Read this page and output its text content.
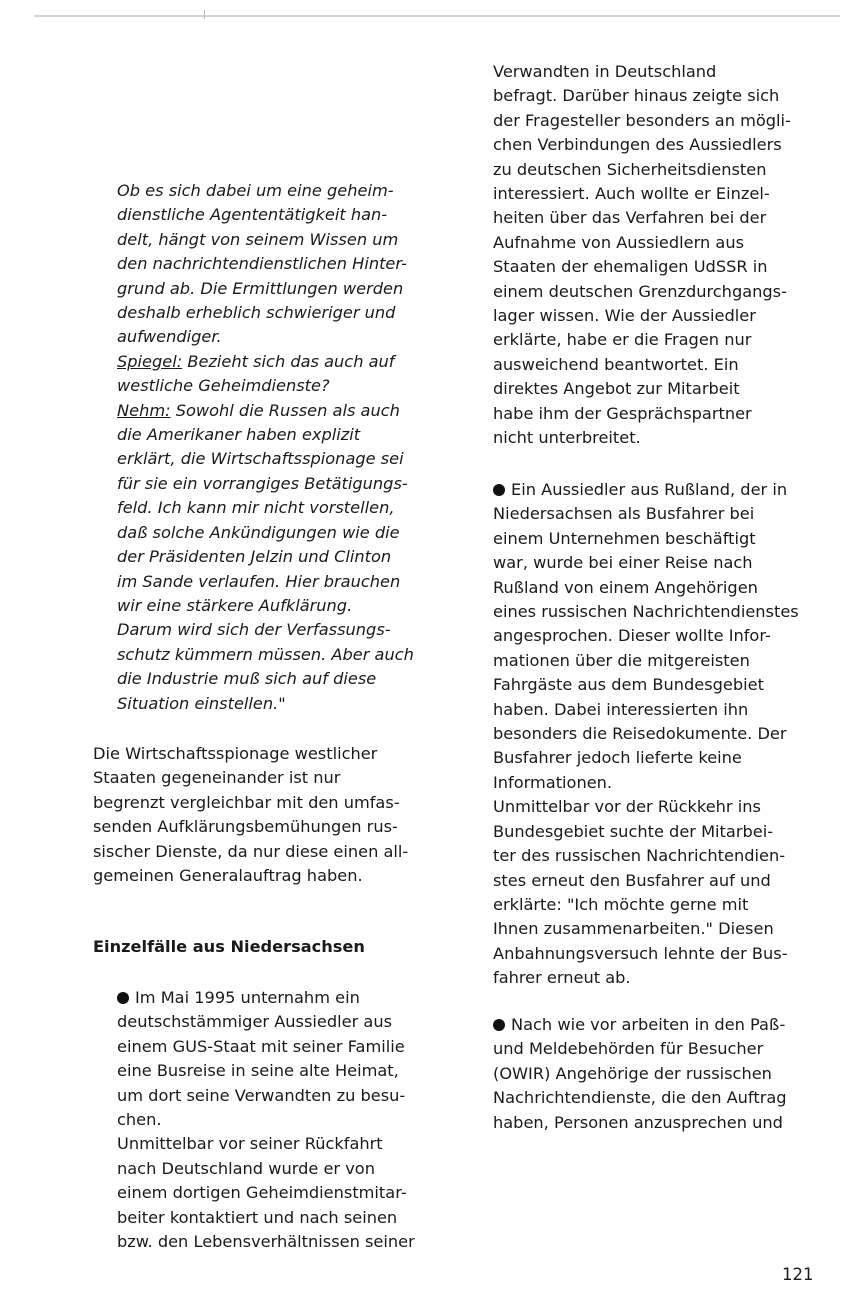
Ob es sich dabei um eine geheim-
dienstliche Agententätigkeit han-
delt, hängt von seinem Wissen um
den nachrichtendienstlichen Hinter-
grund ab. Die Ermittlungen werden
deshalb erheblich schwieriger und
aufwendiger.
Spiegel: Bezieht sich das auch auf
westliche Geheimdienste?
Nehm: Sowohl die Russen als auch
die Amerikaner haben explizit
erklärt, die Wirtschaftsspionage sei
für sie ein vorrangiges Betätigungs-
feld. Ich kann mir nicht vorstellen,
daß solche Ankündigungen wie die
der Präsidenten Jelzin und Clinton
im Sande verlaufen. Hier brauchen
wir eine stärkere Aufklärung.
Darum wird sich der Verfassungs-
schutz kümmern müssen. Aber auch
die Industrie muß sich auf diese
Situation einstellen."
Die Wirtschaftsspionage westlicher
Staaten gegeneinander ist nur
begrenzt vergleichbar mit den umfas-
senden Aufklärungsbemühungen rus-
sischer Dienste, da nur diese einen all-
gemeinen Generalauftrag haben.
Einzelfälle aus Niedersachsen
Im Mai 1995 unternahm ein
deutschstämmiger Aussiedler aus
einem GUS-Staat mit seiner Familie
eine Busreise in seine alte Heimat,
um dort seine Verwandten zu besu-
chen.
Unmittelbar vor seiner Rückfahrt
nach Deutschland wurde er von
einem dortigen Geheimdienstmitar-
beiter kontaktiert und nach seinen
bzw. den Lebensverhältnissen seiner
Verwandten in Deutschland
befragt. Darüber hinaus zeigte sich
der Fragesteller besonders an mögli-
chen Verbindungen des Aussiedlers
zu deutschen Sicherheitsdiensten
interessiert. Auch wollte er Einzel-
heiten über das Verfahren bei der
Aufnahme von Aussiedlern aus
Staaten der ehemaligen UdSSR in
einem deutschen Grenzdurchgangs-
lager wissen. Wie der Aussiedler
erklärte, habe er die Fragen nur
ausweichend beantwortet. Ein
direktes Angebot zur Mitarbeit
habe ihm der Gesprächspartner
nicht unterbreitet.
Ein Aussiedler aus Rußland, der in
Niedersachsen als Busfahrer bei
einem Unternehmen beschäftigt
war, wurde bei einer Reise nach
Rußland von einem Angehörigen
eines russischen Nachrichtendienstes
angesprochen. Dieser wollte Infor-
mationen über die mitgereisten
Fahrgäste aus dem Bundesgebiet
haben. Dabei interessierten ihn
besonders die Reisedokumente. Der
Busfahrer jedoch lieferte keine
Informationen.
Unmittelbar vor der Rückkehr ins
Bundesgebiet suchte der Mitarbei-
ter des russischen Nachrichtendien-
stes erneut den Busfahrer auf und
erklärte: "Ich möchte gerne mit
Ihnen zusammenarbeiten." Diesen
Anbahnungsversuch lehnte der Bus-
fahrer erneut ab.
Nach wie vor arbeiten in den Paß-
und Meldebehörden für Besucher
(OWIR) Angehörige der russischen
Nachrichtendienste, die den Auftrag
haben, Personen anzusprechen und
121
